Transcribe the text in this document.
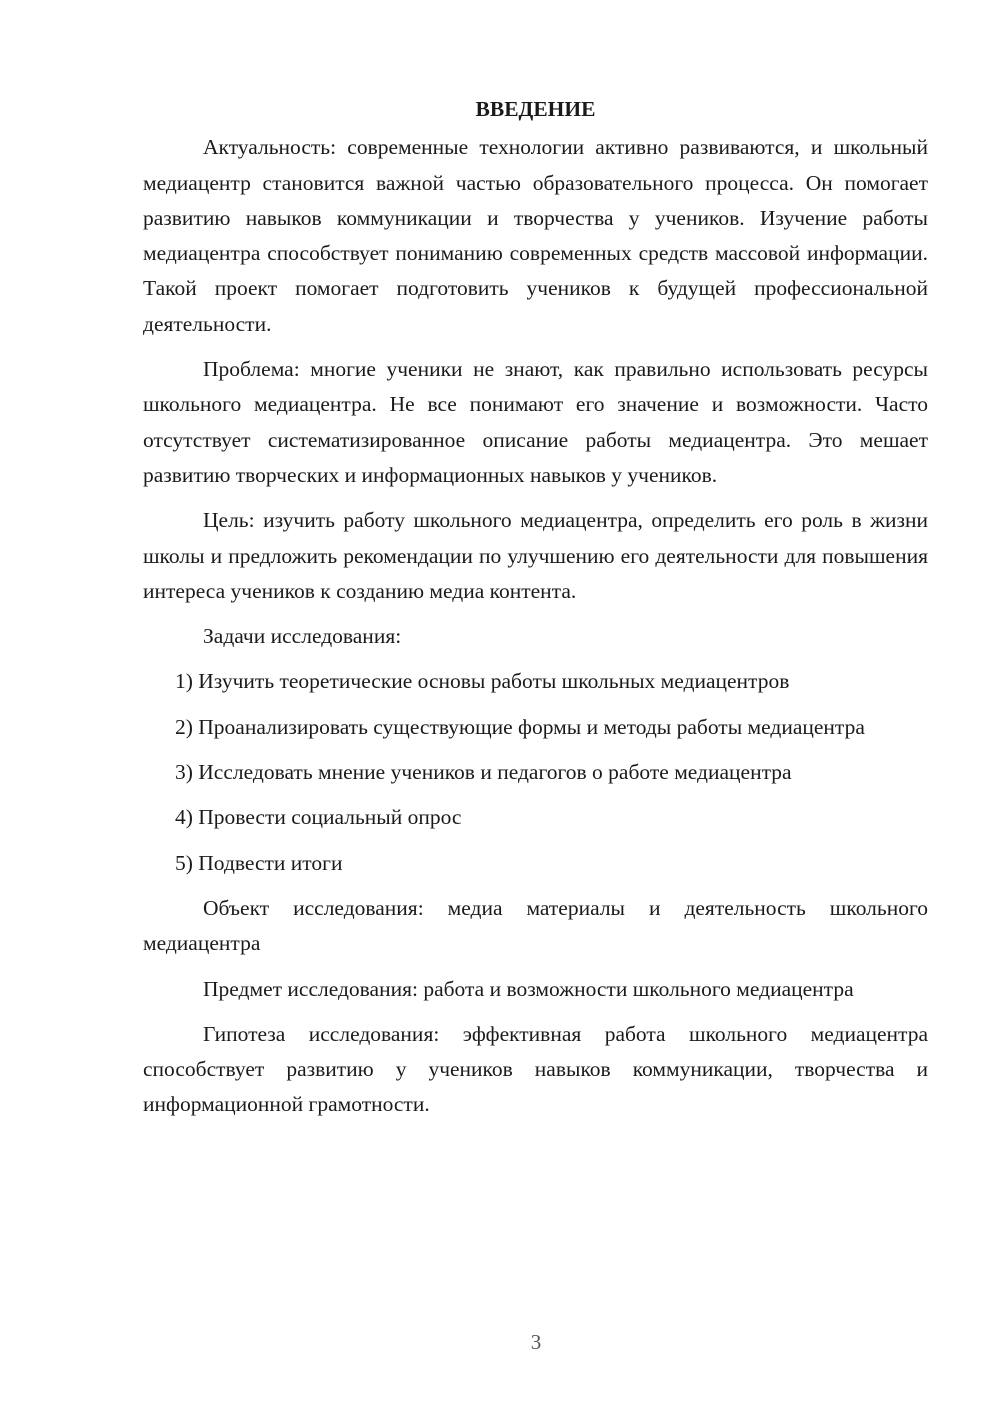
ВВЕДЕНИЕ

Актуальность: современные технологии активно развиваются, и школьный медиацентр становится важной частью образовательного процесса. Он помогает развитию навыков коммуникации и творчества у учеников. Изучение работы медиацентра способствует пониманию современных средств массовой информации. Такой проект помогает подготовить учеников к будущей профессиональной деятельности.

Проблема: многие ученики не знают, как правильно использовать ресурсы школьного медиацентра. Не все понимают его значение и возможности. Часто отсутствует систематизированное описание работы медиацентра. Это мешает развитию творческих и информационных навыков у учеников.

Цель: изучить работу школьного медиацентра, определить его роль в жизни школы и предложить рекомендации по улучшению его деятельности для повышения интереса учеников к созданию медиа контента.

Задачи исследования:

1) Изучить теоретические основы работы школьных медиацентров

2) Проанализировать существующие формы и методы работы медиацентра

3) Исследовать мнение учеников и педагогов о работе медиацентра

4) Провести социальный опрос

5) Подвести итоги

Объект исследования: медиа материалы и деятельность школьного медиацентра

Предмет исследования: работа и возможности школьного медиацентра

Гипотеза исследования: эффективная работа школьного медиацентра способствует развитию у учеников навыков коммуникации, творчества и информационной грамотности.

3
